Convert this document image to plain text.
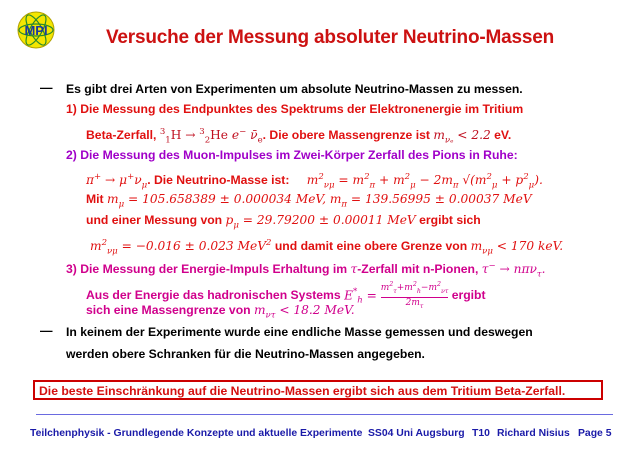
MPI	Versuche der Messung absoluter Neutrino-Massen
— Es gibt drei Arten von Experimenten um absolute Neutrino-Massen zu messen.
1) Die Messung des Endpunktes des Spektrums der Elektronenergie im Tritium
Beta-Zerfall, $^3_1$H → $^3_2$He e− $\nū_e$. Die obere Massengrenze ist $m_{\nu_e} < 2.2$ eV.
2) Die Messung des Muon-Impulses im Zwei-Körper Zerfall des Pions in Ruhe:
$\pi^+ \to \mu^+\nu_\mu$. Die Neutrino-Masse ist: $m^2_{\nu\mu} = m^2_\pi + m^2_\mu - 2m_\pi$ $√(m^2_\mu + p^2_\mu)$.
Mit $m_\mu = 105.658389 \pm 0.000034$ MeV, $m_\pi = 139.56995 \pm 0.00037$ MeV
und einer Messung von $p_\mu = 29.79200 \pm 0.00011$ MeV ergibt sich
$m^2_{\nu\mu} = -0.016 \pm 0.023$ MeV$^2$ und damit eine obere Grenze von $m_{\nu\mu} < 170$ keV.
3) Die Messung der Energie-Impuls Erhaltung im τ-Zerfall mit n-Pionen, τ− → nπν$_\tau$.
Aus der Energie das hadronischen Systems $E^*_h = \frac{m^2_\tau+m^2_h-m^2_{\nu\tau}}{2m_\tau}$ ergibt
sich eine Massengrenze von $m_{\nu\tau} < 18.2$ MeV.
— In keinem der Experimente wurde eine endliche Masse gemessen und deswegen
werden obere Schranken für die Neutrino-Massen angegeben.
Die beste Einschränkung auf die Neutrino-Massen ergibt sich aus dem Tritium Beta-Zerfall.
Teilchenphysik - Grundlegende Konzepte und aktuelle Experimente SS04 Uni Augsburg T10 Richard Nisius Page 5
